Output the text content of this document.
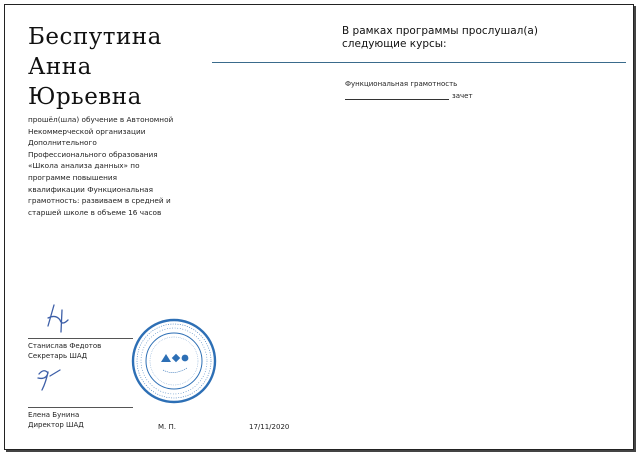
Беспутина
Анна
Юрьевна
прошёл(шла) обучение в Автономной
Некоммерческой организации
Дополнительного
Профессионального образования
«Школа анализа данных» по
программе повышения
квалификации Функциональная
грамотность: развиваем в средней и
старшей школе в объеме 16 часов
В рамках программы прослушал(а)
следующие курсы:
Функциональная грамотность
зачет
Станислав Федотов
Секретарь ШАД
Елена Бунина
Директор ШАД	М. П.	17/11/2020
